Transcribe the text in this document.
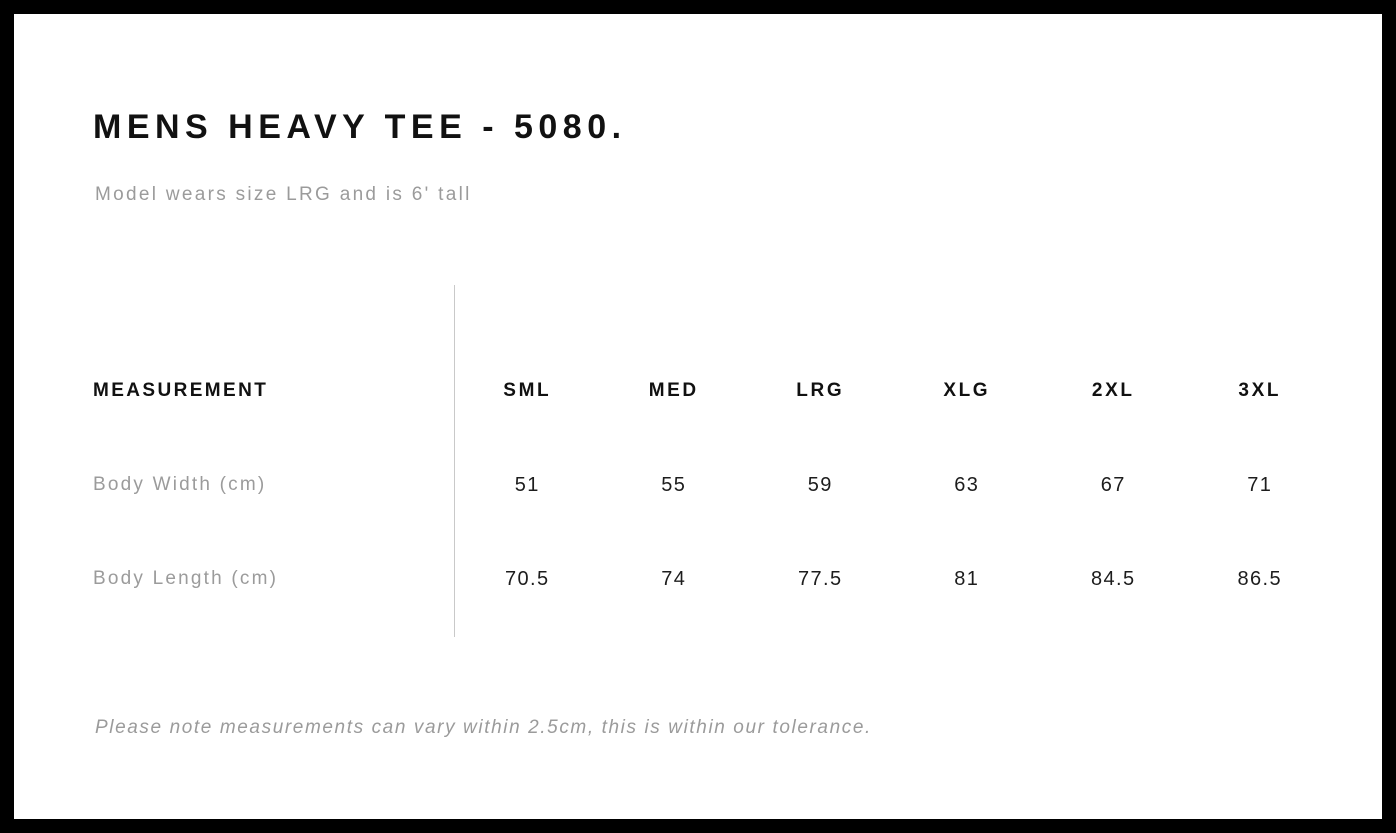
MENS HEAVY TEE - 5080.
Model wears size LRG and is 6' tall
MEASUREMENT	SML	MED	LRG	XLG	2XL	3XL
Body Width (cm)	51	55	59	63	67	71
Body Length (cm)	70.5	74	77.5	81	84.5	86.5
Please note measurements can vary within 2.5cm, this is within our tolerance.
